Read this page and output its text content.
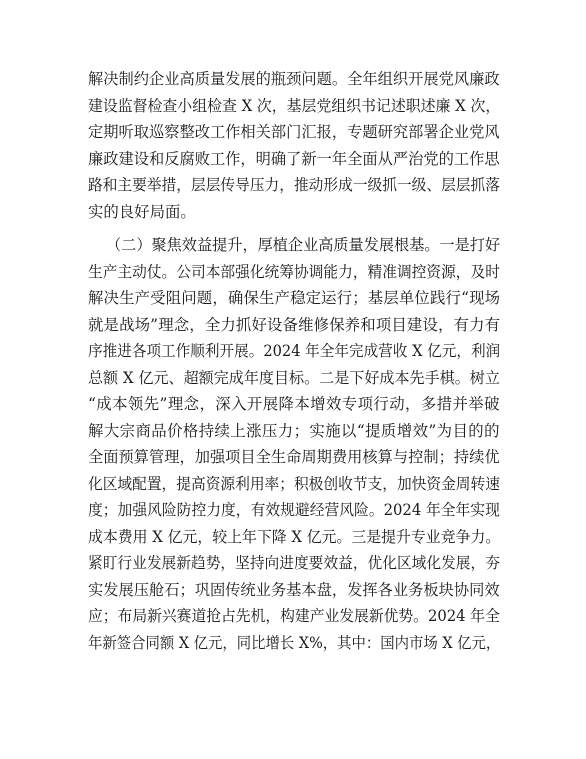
解决制约企业高质量发展的瓶颈问题。全年组织开展党风廉政
建设监督检查小组检查 X 次，基层党组织书记述职述廉 X 次，
定期听取巡察整改工作相关部门汇报，专题研究部署企业党风
廉政建设和反腐败工作，明确了新一年全面从严治党的工作思
路和主要举措，层层传导压力，推动形成一级抓一级、层层抓落
实的良好局面。
（二）聚焦效益提升，厚植企业高质量发展根基。一是打好
生产主动仗。公司本部强化统筹协调能力，精准调控资源，及时
解决生产受阻问题，确保生产稳定运行；基层单位践行“现场
就是战场”理念，全力抓好设备维修保养和项目建设，有力有
序推进各项工作顺利开展。2024 年全年完成营收 X 亿元，利润
总额 X 亿元、超额完成年度目标。二是下好成本先手棋。树立
“成本领先”理念，深入开展降本增效专项行动，多措并举破
解大宗商品价格持续上涨压力；实施以“提质增效”为目的的
全面预算管理，加强项目全生命周期费用核算与控制；持续优
化区域配置，提高资源利用率；积极创收节支，加快资金周转速
度；加强风险防控力度，有效规避经营风险。2024 年全年实现
成本费用 X 亿元，较上年下降 X 亿元。三是提升专业竞争力。
紧盯行业发展新趋势，坚持向进度要效益，优化区域化发展，夯
实发展压舱石；巩固传统业务基本盘，发挥各业务板块协同效
应；布局新兴赛道抢占先机，构建产业发展新优势。2024 年全
年新签合同额 X 亿元，同比增长 X%，其中：国内市场 X 亿元，
